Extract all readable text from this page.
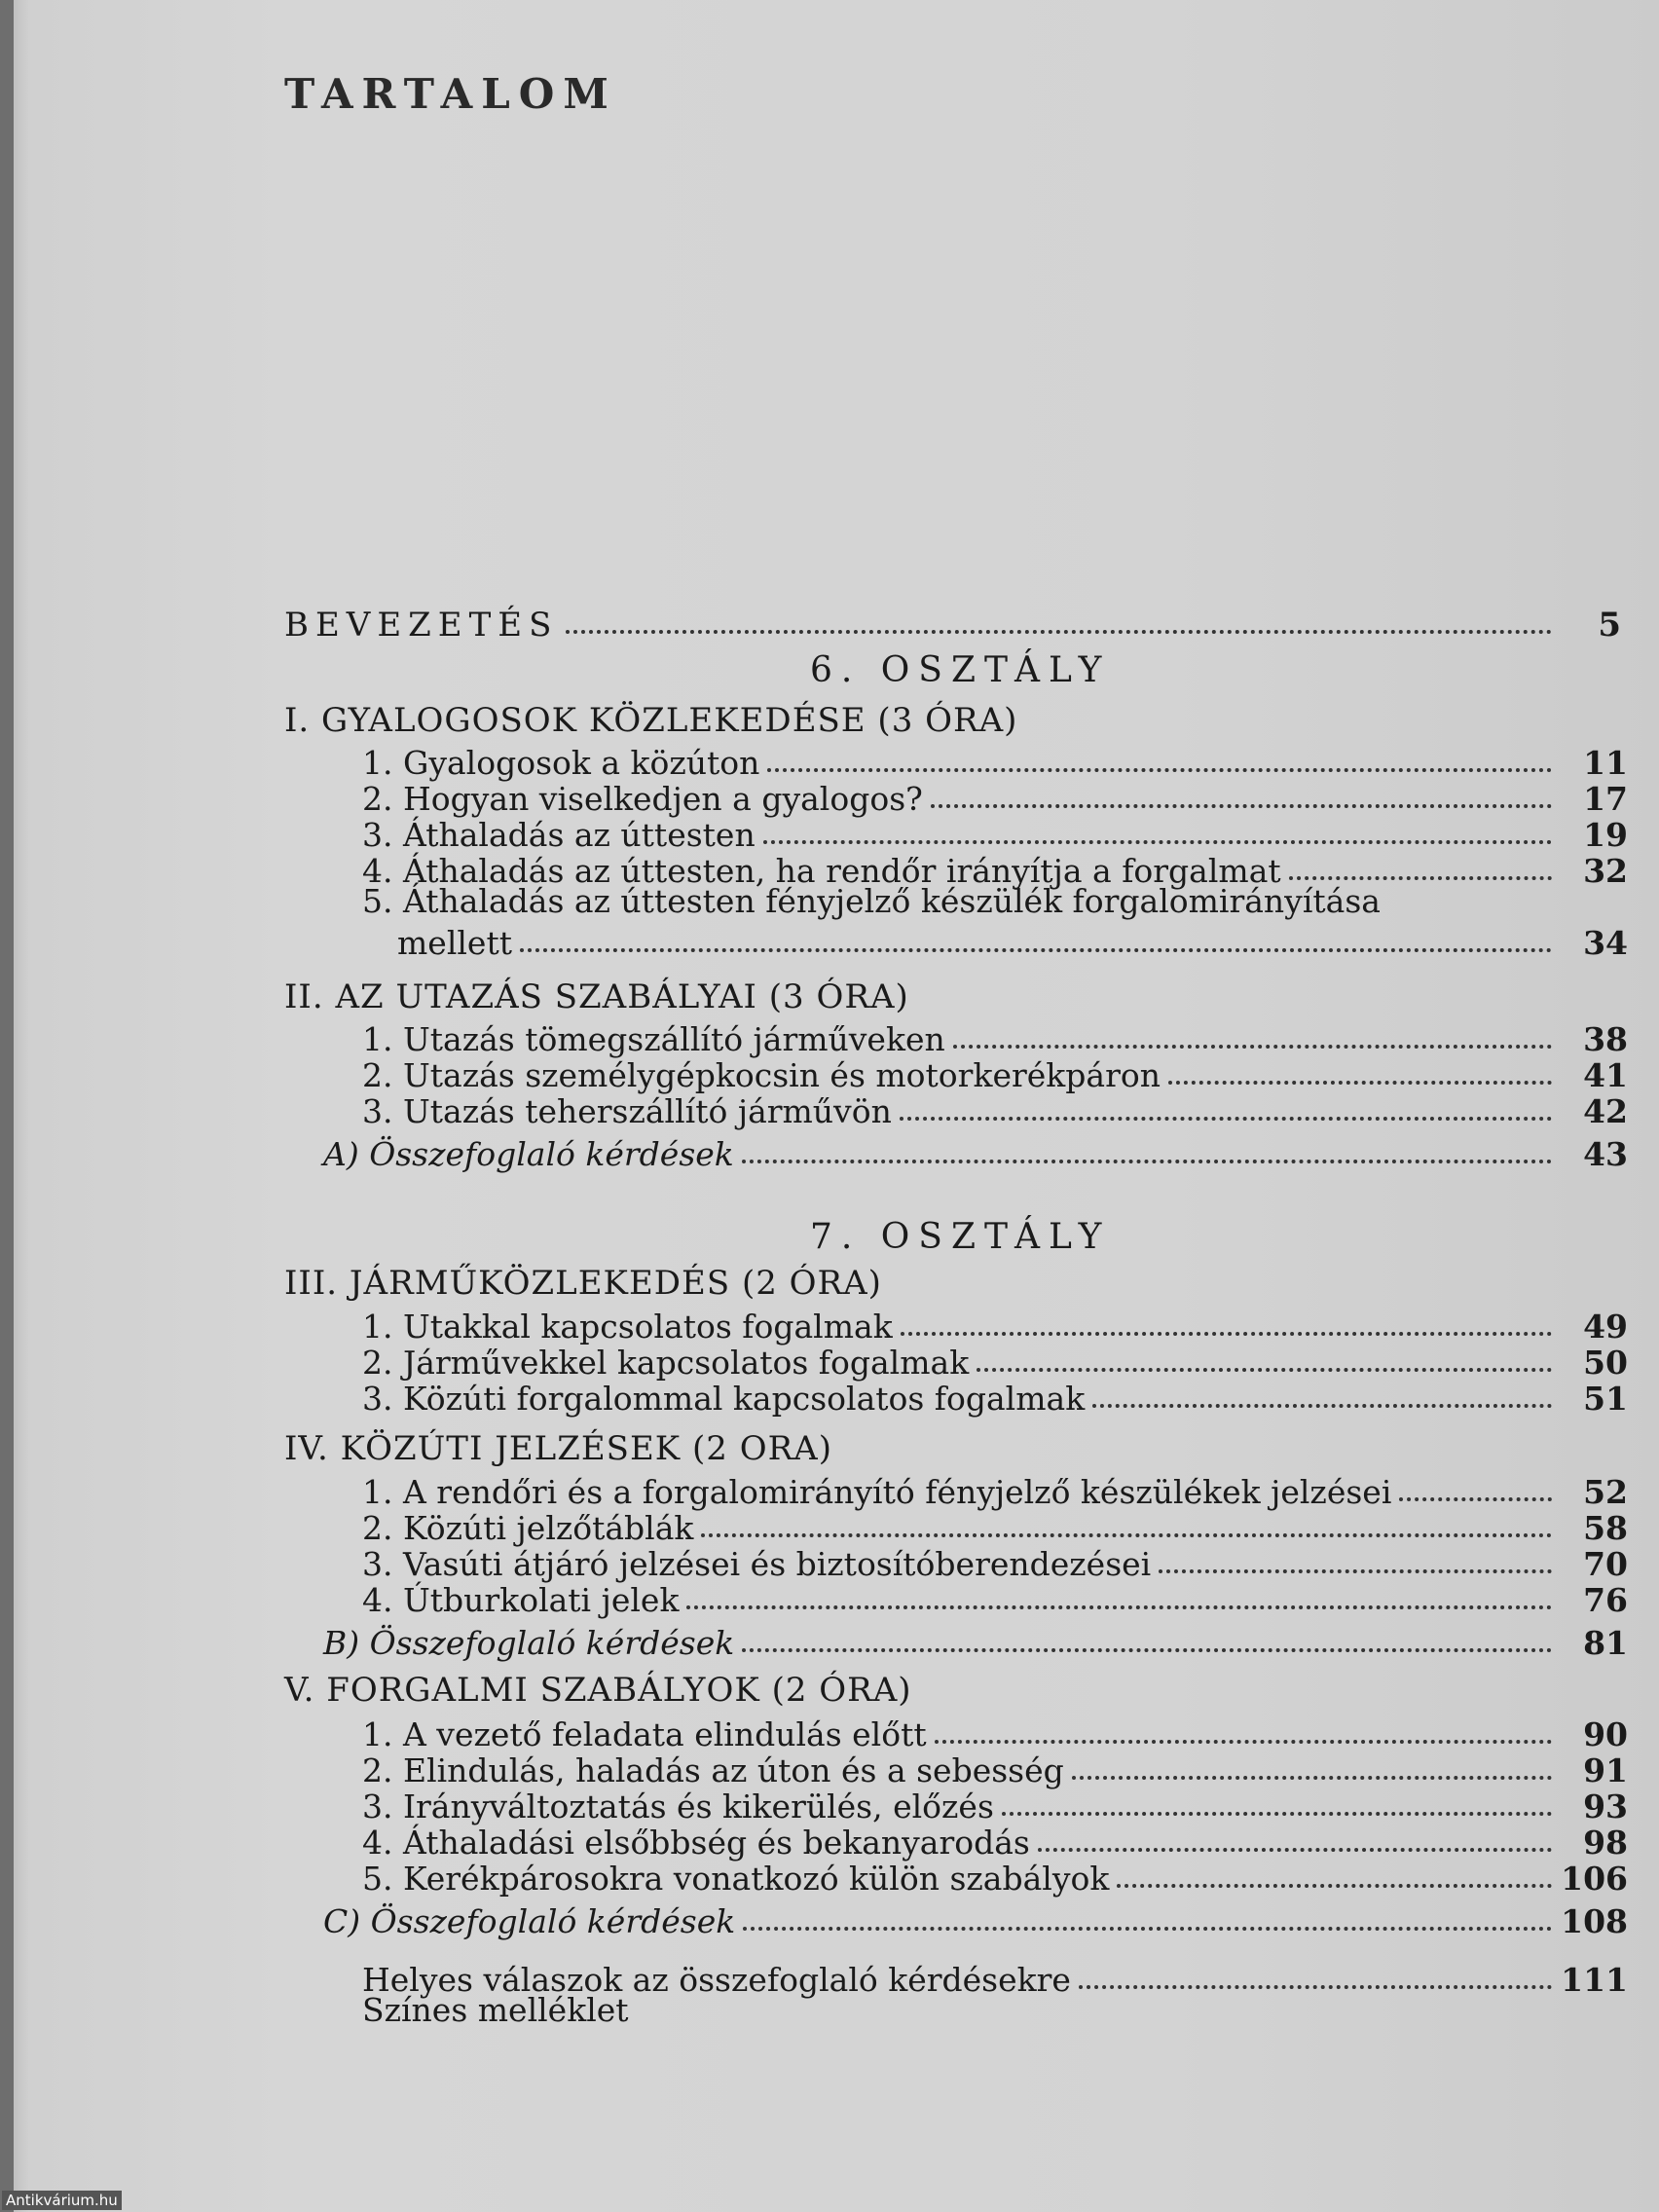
TARTALOM
BEVEZETÉS	5
6. OSZTÁLY
I. GYALOGOSOK KÖZLEKEDÉSE (3 ÓRA)
1. Gyalogosok a közúton	11
2. Hogyan viselkedjen a gyalogos?	17
3. Áthaladás az úttesten	19
4. Áthaladás az úttesten, ha rendőr irányítja a forgalmat	32
5. Áthaladás az úttesten fényjelző készülék forgalomirányítása
mellett	34
II. AZ UTAZÁS SZABÁLYAI (3 ÓRA)
1. Utazás tömegszállító járműveken	38
2. Utazás személygépkocsin és motorkerékpáron	41
3. Utazás teherszállító járművön	42
A) Összefoglaló kérdések	43
7. OSZTÁLY
III. JÁRMŰKÖZLEKEDÉS (2 ÓRA)
1. Utakkal kapcsolatos fogalmak	49
2. Járművekkel kapcsolatos fogalmak	50
3. Közúti forgalommal kapcsolatos fogalmak	51
IV. KÖZÚTI JELZÉSEK (2 ORA)
1. A rendőri és a forgalomirányító fényjelző készülékek jelzései	52
2. Közúti jelzőtáblák	58
3. Vasúti átjáró jelzései és biztosítóberendezései	70
4. Útburkolati jelek	76
B) Összefoglaló kérdések	81
V. FORGALMI SZABÁLYOK (2 ÓRA)
1. A vezető feladata elindulás előtt	90
2. Elindulás, haladás az úton és a sebesség	91
3. Irányváltoztatás és kikerülés, előzés	93
4. Áthaladási elsőbbség és bekanyarodás	98
5. Kerékpárosokra vonatkozó külön szabályok	106
C) Összefoglaló kérdések	108
Helyes válaszok az összefoglaló kérdésekre	111
Színes melléklet
Antikvárium.hu
